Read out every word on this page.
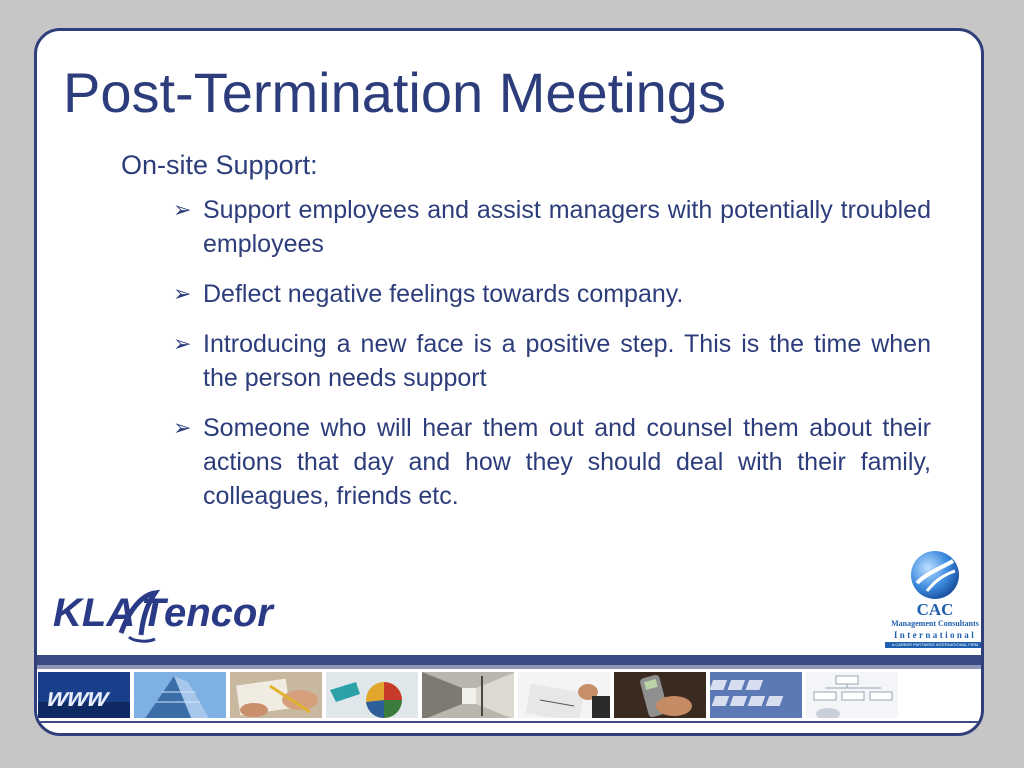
Post-Termination Meetings
On-site Support:
➢ Support employees and assist managers with potentially troubled employees
➢ Deflect negative feelings towards company.
➢ Introducing a new face is a positive step. This is the time when the person needs support
➢ Someone who will hear them out and counsel them about their actions that day and how they should deal with their family, colleagues, friends etc.
KLA Tencor	CAC
Management Consultants
International
A CAREER PARTNERS INTERNATIONAL FIRM
www
